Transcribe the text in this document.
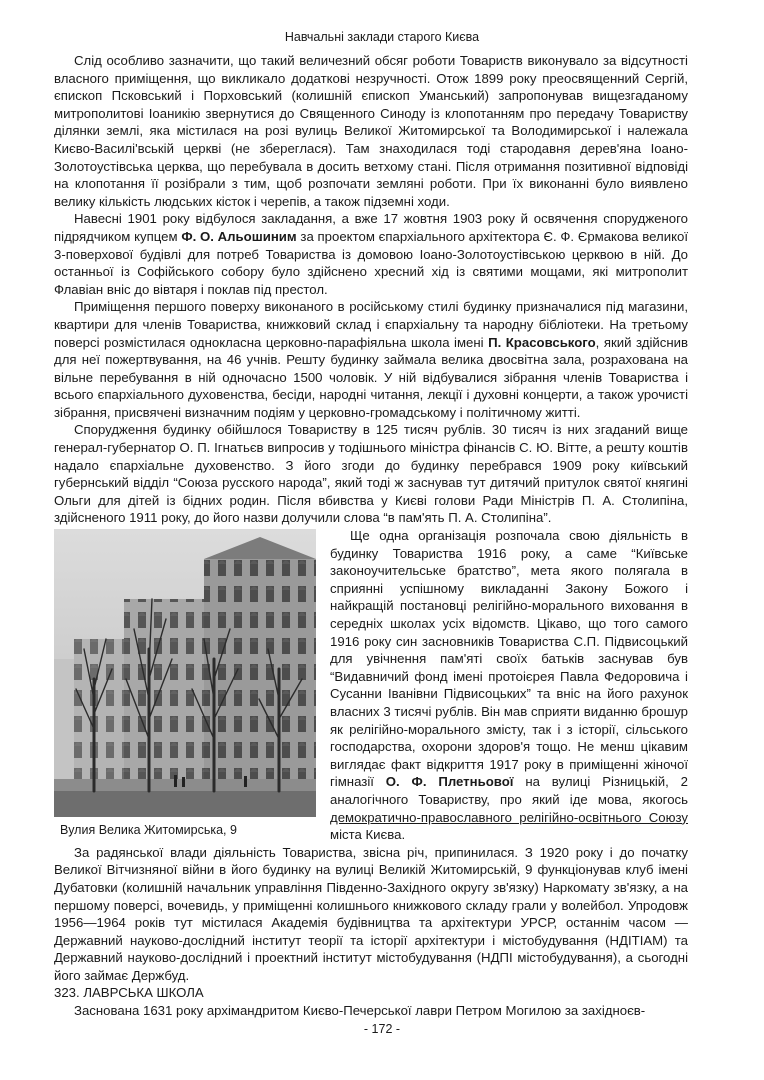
Навчальні заклади старого Києва

Слід особливо зазначити, що такий величезний обсяг роботи Товариств виконувало за відсутності власного приміщення, що викликало додаткові незручності. Отож 1899 року преосвященний Сергій, єпископ Псковський і Порховський (колишній єпископ Уманський) запропонував вищезгаданому митрополитові Іоаникію звернутися до Священного Синоду із клопотанням про передачу Товариству ділянки землі, яка містилася на розі вулиць Великої Житомирської та Володимирської і належала Києво-Василі'вській церкві (не збереглася). Там знаходилася тоді стародавня дерев'яна Іоано-Золотоустівська церква, що перебувала в досить ветхому стані. Після отримання позитивної відповіді на клопотання її розібрали з тим, щоб розпочати земляні роботи. При їх виконанні було виявлено велику кількість людських кісток і черепів, а також підземні ходи.

Навесні 1901 року відбулося закладання, а вже 17 жовтня 1903 року й освячення спорудженого підрядчиком купцем Ф. О. Альошиним за проектом єпархіального архітектора Є. Ф. Єрмакова великої 3-поверхової будівлі для потреб Товариства із домовою Іоано-Золотоустівською церквою в ній. До останньої із Софійського собору було здійснено хресний хід із святими мощами, які митрополит Флавіан вніс до вівтаря і поклав під престол.

Приміщення першого поверху виконаного в російському стилі будинку призначалися під магазини, квартири для членів Товариства, книжковий склад і єпархіальну та народну бібліотеки. На третьому поверсі розмістилася однокласна церковно-парафіяльна школа імені П. Красовського, який здійснив для неї пожертвування, на 46 учнів. Решту будинку займала велика двосвітна зала, розрахована на вільне перебування в ній одночасно 1500 чоловік. У ній відбувалися зібрання членів Товариства і всього єпархіального духовенства, бесіди, народні читання, лекції і духовні концерти, а також урочисті зібрання, присвячені визначним подіям у церковно-громадському і політичному житті.

Спорудження будинку обійшлося Товариству в 125 тисяч рублів. 30 тисяч із них згаданий вище генерал-губернатор О. П. Ігнатьєв випросив у тодішнього міністра фінансів С. Ю. Вітте, а решту коштів надало єпархіальне духовенство. З його згоди до будинку перебрався 1909 року київський губернський відділ “Союза русского народа”, який тоді ж заснував тут дитячий притулок святої княгині Ольги для дітей із бідних родин. Після вбивства у Києві голови Ради Міністрів П. А. Столипіна, здійсненого 1911 року, до його назви долучили слова “в пам'ять П. А. Столипіна”.

Вулия Велика Житомирська, 9

Ще одна організація розпочала свою діяльність в будинку Товариства 1916 року, а саме “Київське законоучительське братство”, мета якого полягала в сприянні успішному викладанні Закону Божого і найкращій постановці релігійно-морального виховання в середніх школах усіх відомств. Цікаво, що того самого 1916 року син засновників Товариства С.П. Підвисоцький для увічнення пам'яті своїх батьків заснував був “Видавничий фонд імені протоієрея Павла Федоровича і Сусанни Іванівни Підвисоцьких” та вніс на його рахунок власних 3 тисячі рублів. Він мав сприяти виданню брошур як релігійно-морального змісту, так і з історії, сільського господарства, охорони здоров'я тощо. Не менш цікавим виглядає факт відкриття 1917 року в приміщенні жіночої гімназії О. Ф. Плетньової на вулиці Різницькій, 2 аналогічного Товариству, про який іде мова, якогось демократично-православного релігійно-освітнього Союзу міста Києва.

За радянської влади діяльність Товариства, звісна річ, припинилася. З 1920 року і до початку Великої Вітчизняної війни в його будинку на вулиці Великій Житомирській, 9 функціонував клуб імені Дубатовки (колишній начальник управління Південно-Західного округу зв'язку) Наркомату зв'язку, а на першому поверсі, вочевидь, у приміщенні колишнього книжкового складу грали у волейбол. Упродовж 1956—1964 років тут містилася Академія будівництва та архітектури УРСР, останнім часом — Державний науково-дослідний інститут теорії та історії архітектури і містобудування (НДІТІАМ) та Державний науково-дослідний і проектний інститут містобудування (НДПІ містобудування), а сьогодні його займає Держбуд.

323. ЛАВРСЬКА ШКОЛА

Заснована 1631 року архімандритом Києво-Печерської лаври Петром Могилою за західноєв-

- 172 -
